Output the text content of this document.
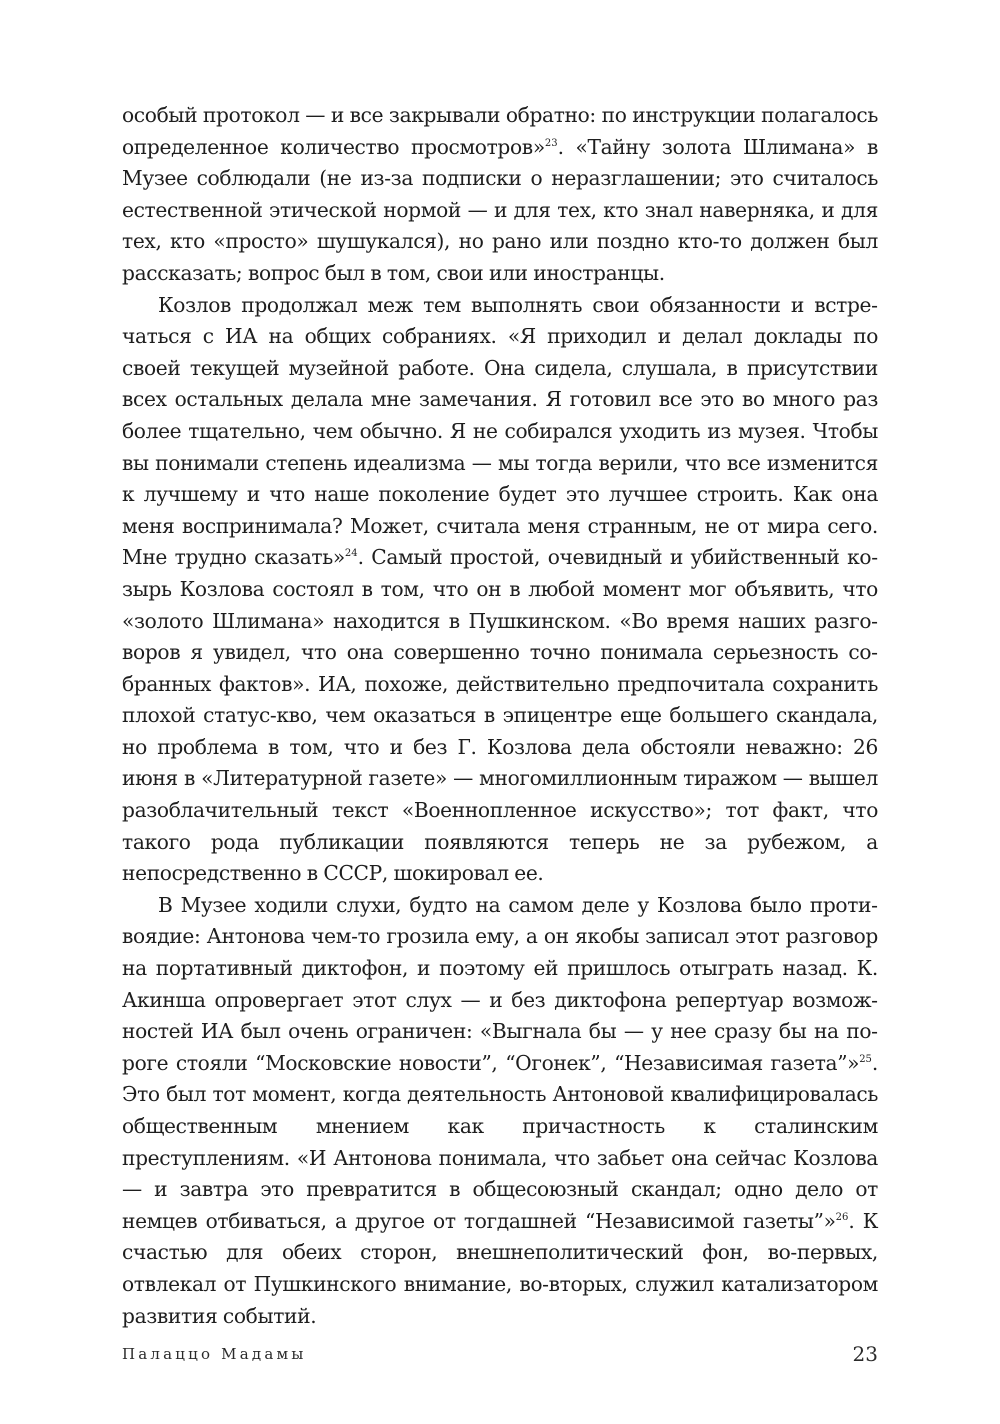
особый протокол — и все закрывали обратно: по инструкции полагалось определенное количество просмотров»$^{23}$. «Тайну золота Шлимана» в Музее соблюдали (не из-за подписки о неразглашении; это считалось естественной этической нормой — и для тех, кто знал наверняка, и для тех, кто «просто» шушукался), но рано или поздно кто-то должен был рассказать; вопрос был в том, свои или иностранцы.

Козлов продолжал меж тем выполнять свои обязанности и встречаться с ИА на общих собраниях. «Я приходил и делал доклады по своей текущей музейной работе. Она сидела, слушала, в присутствии всех остальных делала мне замечания. Я готовил все это во много раз более тщательно, чем обычно. Я не собирался уходить из музея. Чтобы вы понимали степень идеализма — мы тогда верили, что все изменится к лучшему и что наше поколение будет это лучшее строить. Как она меня воспринимала? Может, считала меня странным, не от мира сего. Мне трудно сказать»$^{24}$. Самый простой, очевидный и убийственный козырь Козлова состоял в том, что он в любой момент мог объявить, что «золото Шлимана» находится в Пушкинском. «Во время наших разговоров я увидел, что она совершенно точно понимала серьезность собранных фактов». ИА, похоже, действительно предпочитала сохранить плохой статус-кво, чем оказаться в эпицентре еще большего скандала, но проблема в том, что и без Г. Козлова дела обстояли неважно: 26 июня в «Литературной газете» — многомиллионным тиражом — вышел разоблачительный текст «Военнопленное искусство»; тот факт, что такого рода публикации появляются теперь не за рубежом, а непосредственно в СССР, шокировал ее.

В Музее ходили слухи, будто на самом деле у Козлова было противоядие: Антонова чем-то грозила ему, а он якобы записал этот разговор на портативный диктофон, и поэтому ей пришлось отыграть назад. К. Акинша опровергает этот слух — и без диктофона репертуар возможностей ИА был очень ограничен: «Выгнала бы — у нее сразу бы на пороге стояли “Московские новости”, “Огонек”, “Независимая газета”»$^{25}$. Это был тот момент, когда деятельность Антоновой квалифицировалась общественным мнением как причастность к сталинским преступлениям. «И Антонова понимала, что забьет она сейчас Козлова — и завтра это превратится в общесоюзный скандал; одно дело от немцев отбиваться, а другое от тогдашней “Независимой газеты”»$^{26}$. К счастью для обеих сторон, внешнеполитический фон, во-первых, отвлекал от Пушкинского внимание, во-вторых, служил катализатором развития событий.

Палаццо Мадамы	23
